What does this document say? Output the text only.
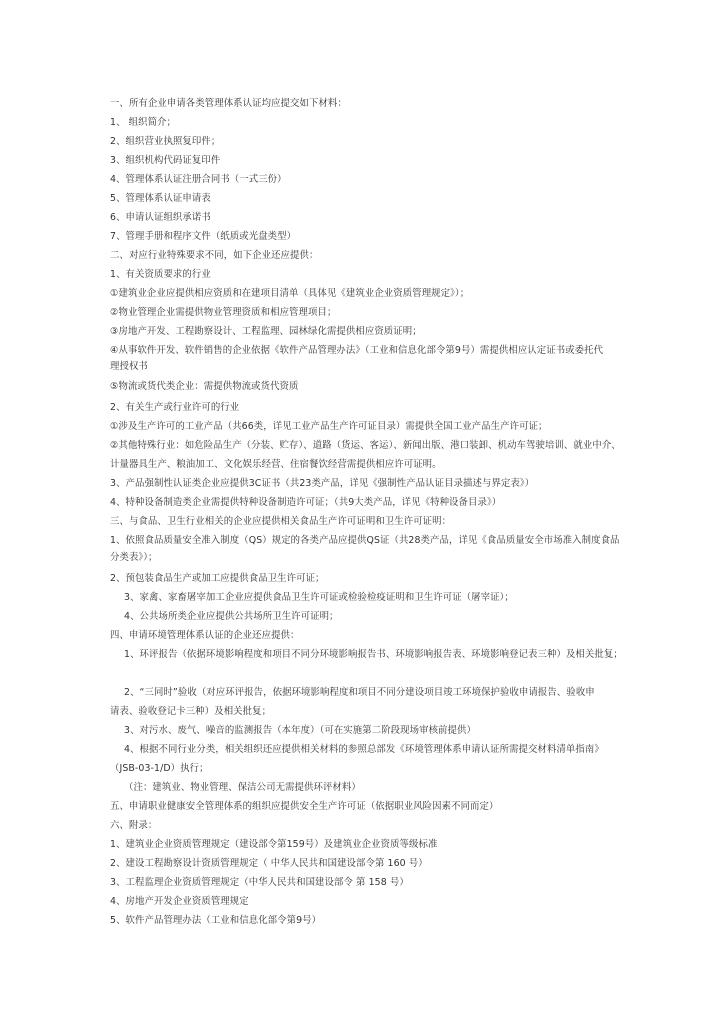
一、所有企业申请各类管理体系认证均应提交如下材料：
1、 组织简介；
2、组织营业执照复印件；
3、组织机构代码证复印件
4、管理体系认证注册合同书（一式三份）
5、管理体系认证申请表
6、申请认证组织承诺书
7、管理手册和程序文件（纸质或光盘类型）
二、对应行业特殊要求不同，如下企业还应提供：
1、有关资质要求的行业
①建筑业企业应提供相应资质和在建项目清单（具体见《建筑业企业资质管理规定》）；
②物业管理企业需提供物业管理资质和相应管理项目；
③房地产开发、工程勘察设计、工程监理、园林绿化需提供相应资质证明；
④从事软件开发、软件销售的企业依据《软件产品管理办法》（工业和信息化部令第9号）需提供相应认定证书或委托代
理授权书
⑤物流或货代类企业：需提供物流或货代资质
2、有关生产或行业许可的行业
①涉及生产许可的工业产品（共66类，详见工业产品生产许可证目录）需提供全国工业产品生产许可证；
②其他特殊行业：如危险品生产（分装、贮存）、道路（货运、客运）、新闻出版、港口装卸、机动车驾驶培训、就业中介、
计量器具生产、粮油加工、文化娱乐经营、住宿餐饮经营需提供相应许可证明。
3、产品强制性认证类企业应提供3C证书（共23类产品，详见《强制性产品认证目录描述与界定表》）
4、特种设备制造类企业需提供特种设备制造许可证；（共9大类产品，详见《特种设备目录》）
三、与食品、卫生行业相关的企业应提供相关食品生产许可证明和卫生许可证明：
1、依照食品质量安全准入制度（QS）规定的各类产品应提供QS证（共28类产品，详见《食品质量安全市场准入制度食品
分类表》）；
2、预包装食品生产或加工应提供食品卫生许可证；
3、家禽、家畜屠宰加工企业应提供食品卫生许可证或检验检疫证明和卫生许可证（屠宰证）；
4、公共场所类企业应提供公共场所卫生许可证明；
四、申请环境管理体系认证的企业还应提供：
1、环评报告（依据环境影响程度和项目不同分环境影响报告书、环境影响报告表、环境影响登记表三种）及相关批复；
2、“三同时”验收（对应环评报告，依据环境影响程度和项目不同分建设项目竣工环境保护验收申请报告、验收申
请表、验收登记卡三种）及相关批复；
3、对污水、废气、噪音的监测报告（本年度）（可在实施第二阶段现场审核前提供）
4、根据不同行业分类，相关组织还应提供相关材料的参照总部发《环境管理体系申请认证所需提交材料清单指南》
（JSB-03-1/D）执行；
（注：建筑业、物业管理、保洁公司无需提供环评材料）
五、申请职业健康安全管理体系的组织应提供安全生产许可证（依据职业风险因素不同而定）
六、附录：
1、建筑业企业资质管理规定（建设部令第159号）及建筑业企业资质等级标准
2、建设工程勘察设计资质管理规定（ 中华人民共和国建设部令第 160 号）
3、工程监理企业资质管理规定（中华人民共和国建设部令 第 158 号）
4、房地产开发企业资质管理规定
5、软件产品管理办法（工业和信息化部令第9号）
